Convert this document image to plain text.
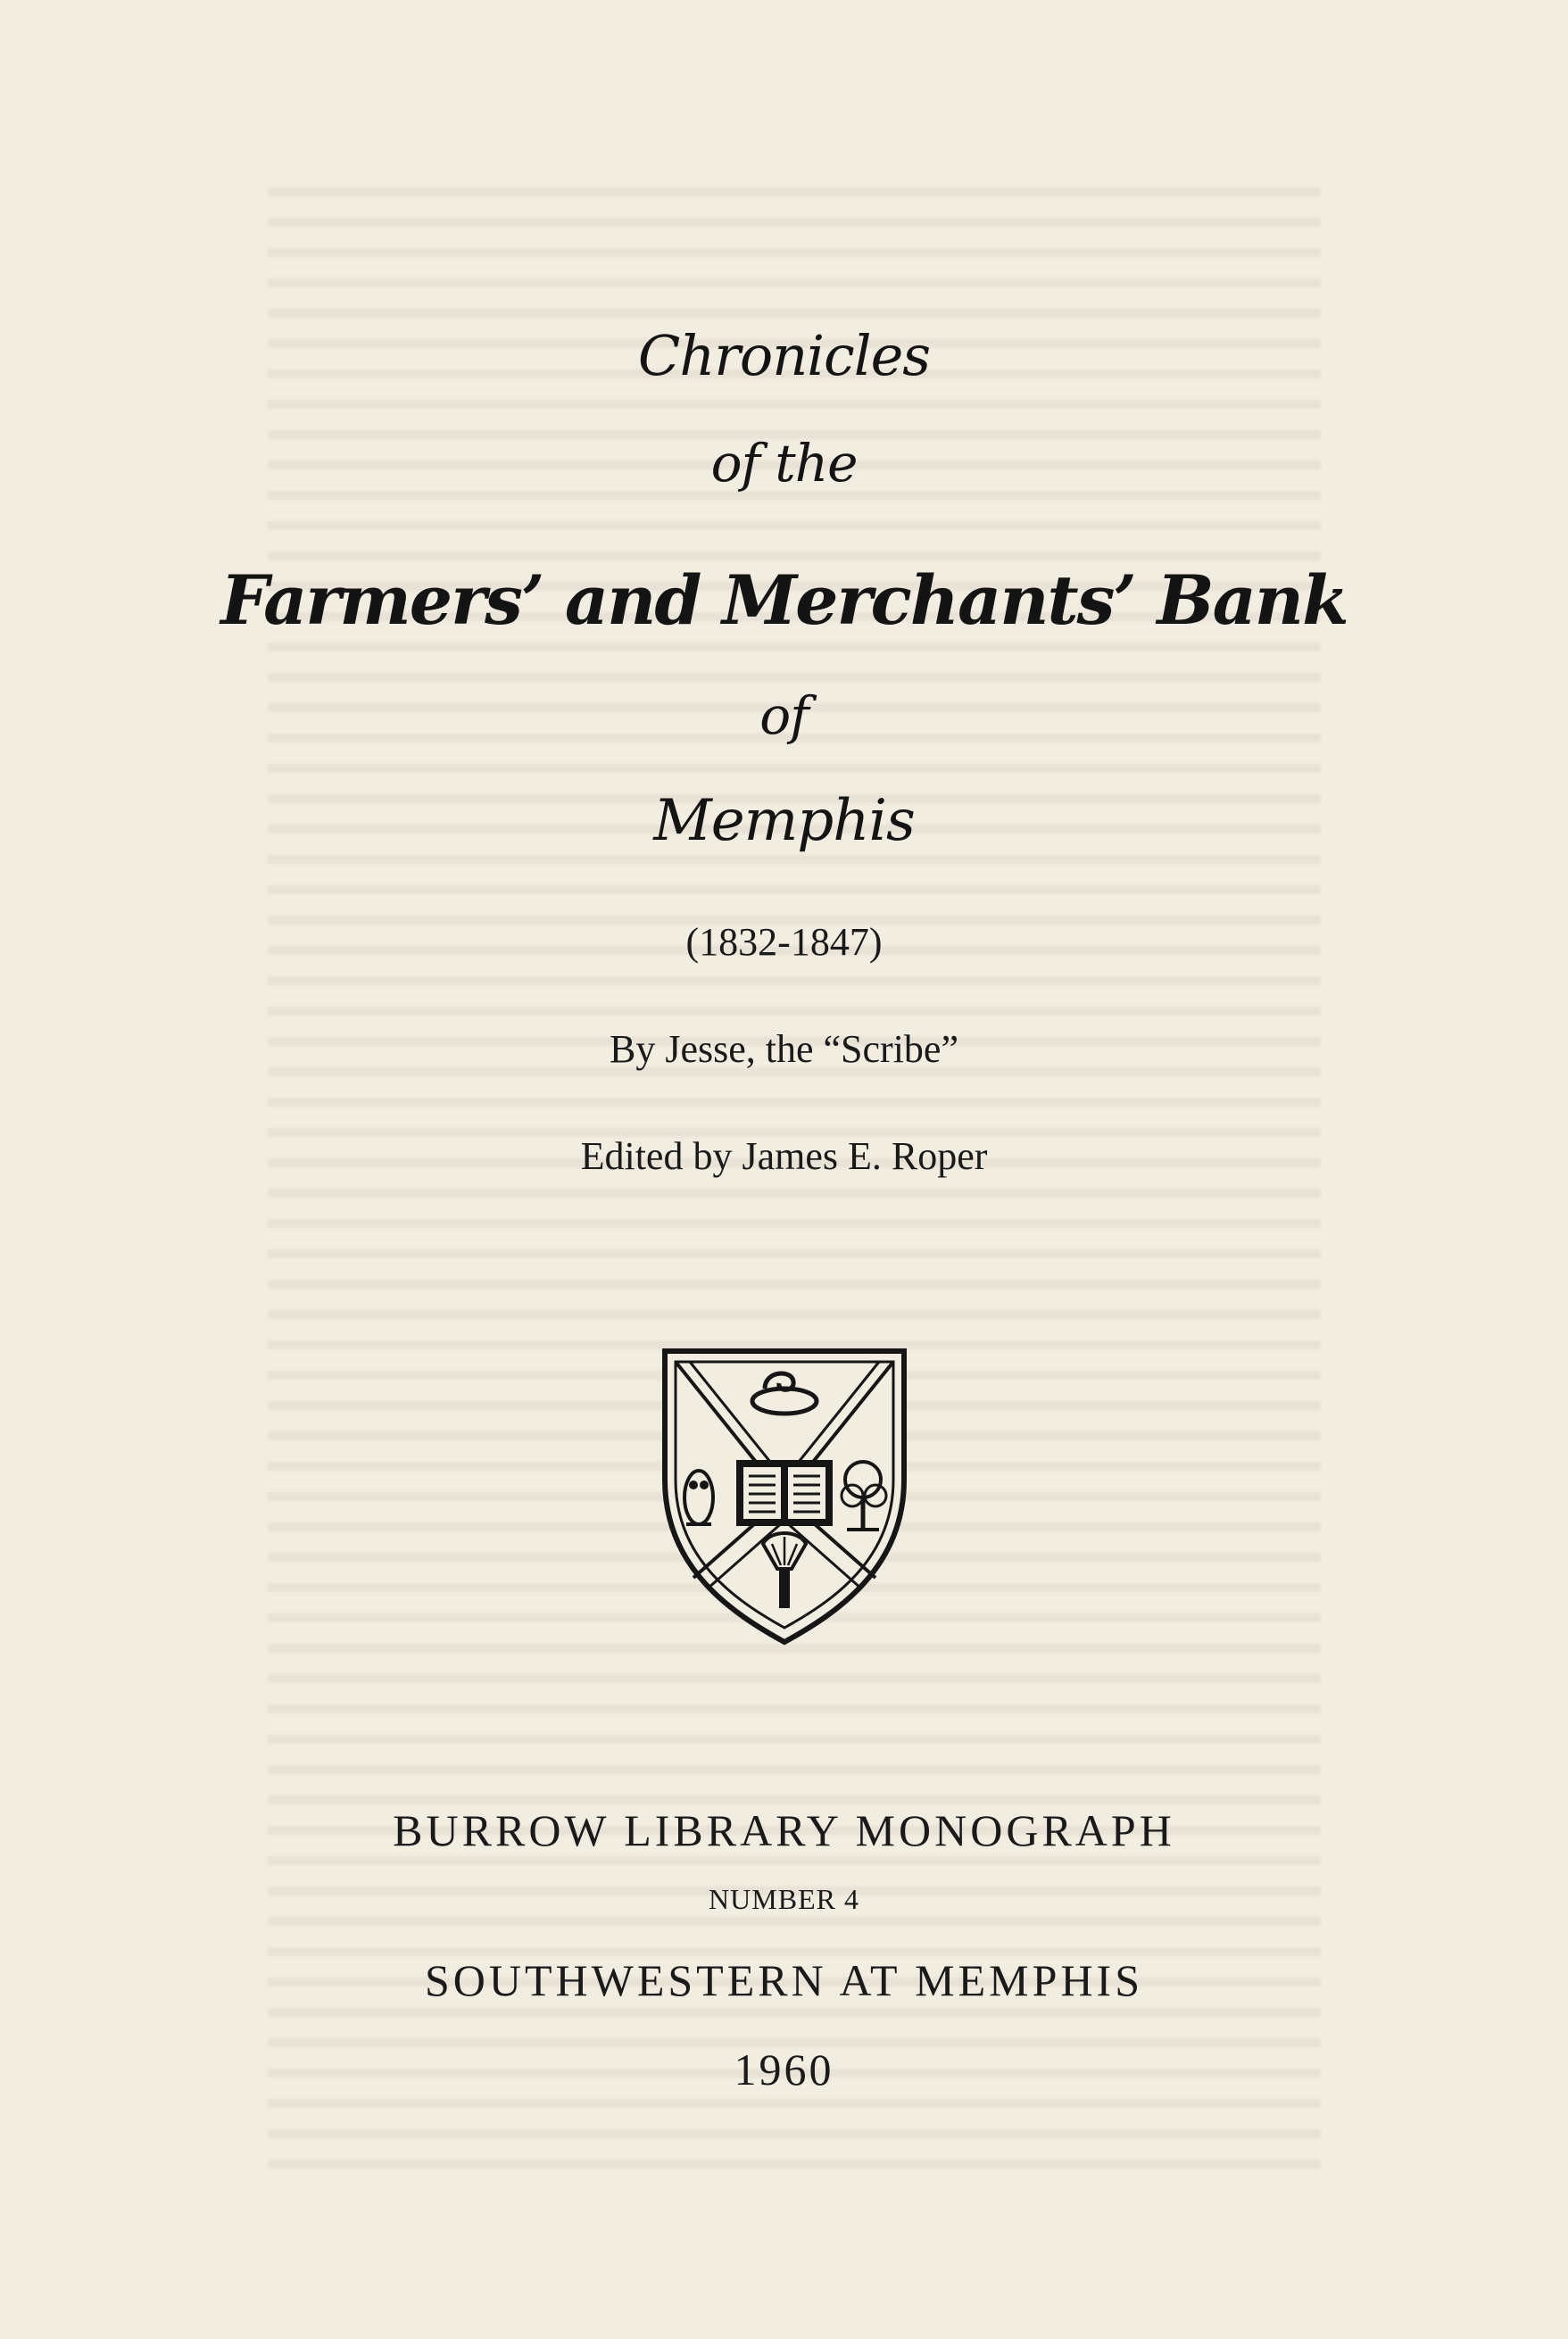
Chronicles
of the
Farmers’ and Merchants’ Bank
of
Memphis
(1832-1847)
By Jesse, the “Scribe”
Edited by James E. Roper
BURROW LIBRARY MONOGRAPH
NUMBER 4
SOUTHWESTERN AT MEMPHIS
1960
